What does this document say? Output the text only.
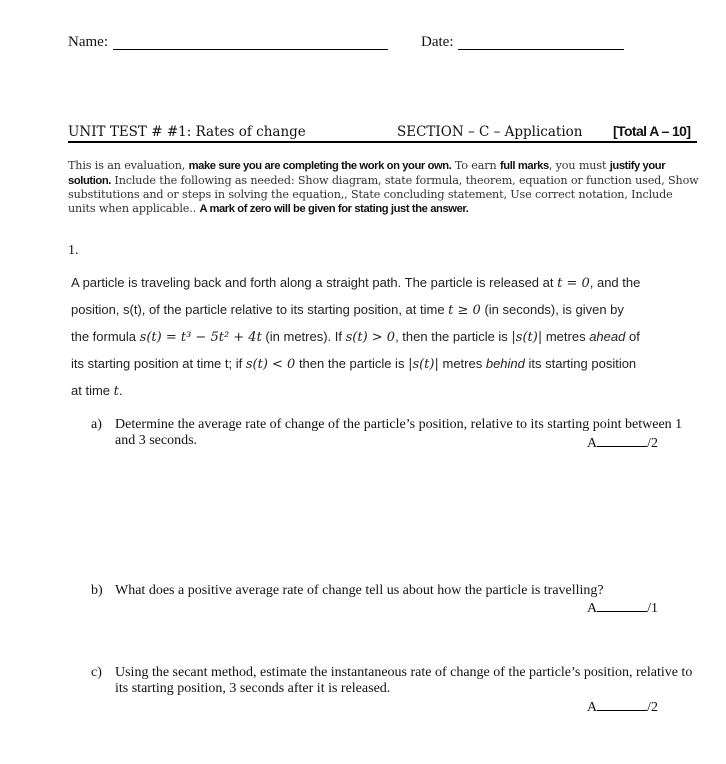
Name:	Date:
UNIT TEST # #1: Rates of change	SECTION – C – Application [Total A – 10]
This is an evaluation, make sure you are completing the work on your own. To earn full marks, you must justify your solution. Include the following as needed: Show diagram, state formula, theorem, equation or function used, Show substitutions and or steps in solving the equation,, State concluding statement, Use correct notation, Include units when applicable.. A mark of zero will be given for stating just the answer.
1.
A particle is traveling back and forth along a straight path. The particle is released at t = 0, and the position, s(t), of the particle relative to its starting position, at time t ≥ 0 (in seconds), is given by the formula s(t) = t³ − 5t² + 4t (in metres). If s(t) > 0, then the particle is |s(t)| metres ahead of its starting position at time t; if s(t) < 0 then the particle is |s(t)| metres behind its starting position at time t.
a) Determine the average rate of change of the particle’s position, relative to its starting point between 1 and 3 seconds.	A	/2
b) What does a positive average rate of change tell us about how the particle is travelling?
A	/1
c) Using the secant method, estimate the instantaneous rate of change of the particle’s position, relative to its starting position, 3 seconds after it is released.
A	/2
